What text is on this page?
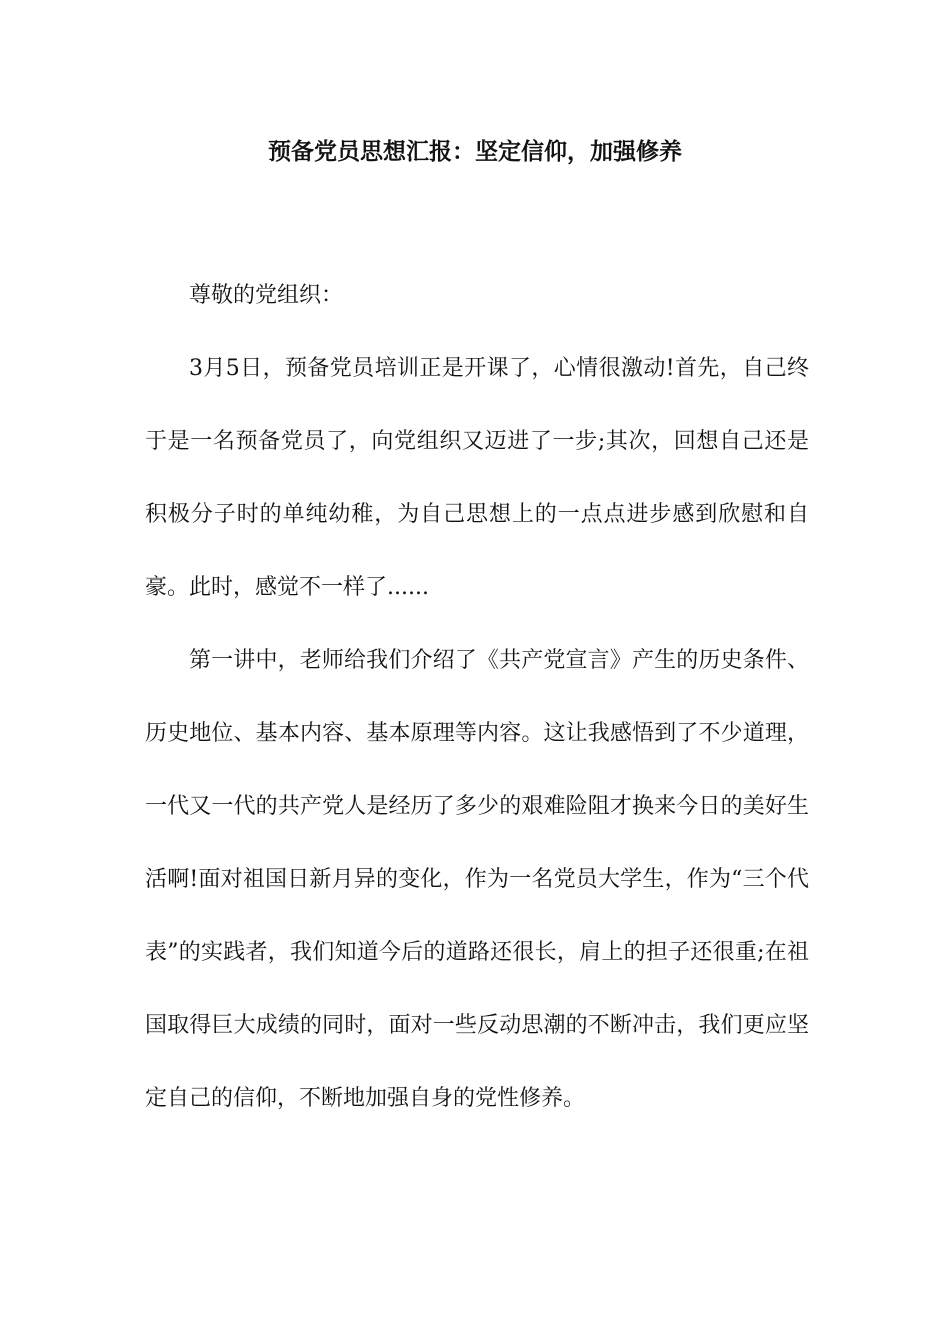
预备党员思想汇报：坚定信仰，加强修养

尊敬的党组织：

3月5日，预备党员培训正是开课了，心情很激动!首先，自己终于是一名预备党员了，向党组织又迈进了一步;其次，回想自己还是积极分子时的单纯幼稚，为自己思想上的一点点进步感到欣慰和自豪。此时，感觉不一样了......

第一讲中，老师给我们介绍了《共产党宣言》产生的历史条件、历史地位、基本内容、基本原理等内容。这让我感悟到了不少道理，一代又一代的共产党人是经历了多少的艰难险阻才换来今日的美好生活啊!面对祖国日新月异的变化，作为一名党员大学生，作为“三个代表”的实践者，我们知道今后的道路还很长，肩上的担子还很重;在祖国取得巨大成绩的同时，面对一些反动思潮的不断冲击，我们更应坚定自己的信仰，不断地加强自身的党性修养。
